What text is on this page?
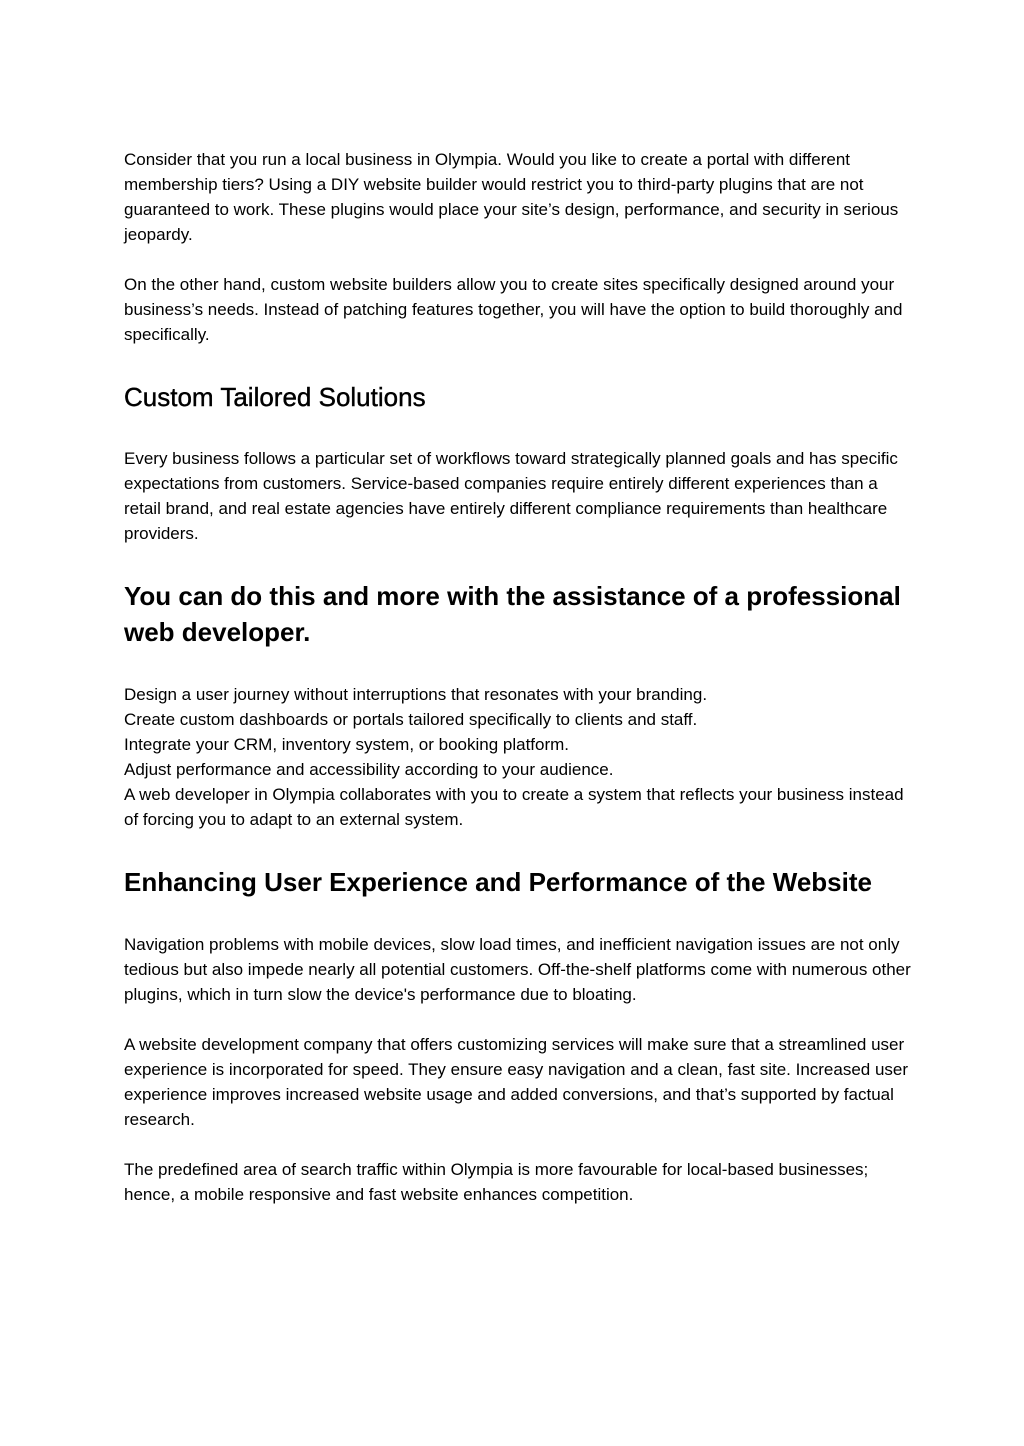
Consider that you run a local business in Olympia. Would you like to create a portal with different membership tiers? Using a DIY website builder would restrict you to third-party plugins that are not guaranteed to work. These plugins would place your site’s design, performance, and security in serious jeopardy.

On the other hand, custom website builders allow you to create sites specifically designed around your business’s needs. Instead of patching features together, you will have the option to build thoroughly and specifically.

Custom Tailored Solutions

Every business follows a particular set of workflows toward strategically planned goals and has specific expectations from customers. Service-based companies require entirely different experiences than a retail brand, and real estate agencies have entirely different compliance requirements than healthcare providers.

You can do this and more with the assistance of a professional web developer.

Design a user journey without interruptions that resonates with your branding.

Create custom dashboards or portals tailored specifically to clients and staff.

Integrate your CRM, inventory system, or booking platform.

Adjust performance and accessibility according to your audience.

A web developer in Olympia collaborates with you to create a system that reflects your business instead of forcing you to adapt to an external system.

Enhancing User Experience and Performance of the Website

Navigation problems with mobile devices, slow load times, and inefficient navigation issues are not only tedious but also impede nearly all potential customers. Off-the-shelf platforms come with numerous other plugins, which in turn slow the device's performance due to bloating.

A website development company that offers customizing services will make sure that a streamlined user experience is incorporated for speed. They ensure easy navigation and a clean, fast site. Increased user experience improves increased website usage and added conversions, and that’s supported by factual research.

The predefined area of search traffic within Olympia is more favourable for local-based businesses; hence, a mobile responsive and fast website enhances competition.
